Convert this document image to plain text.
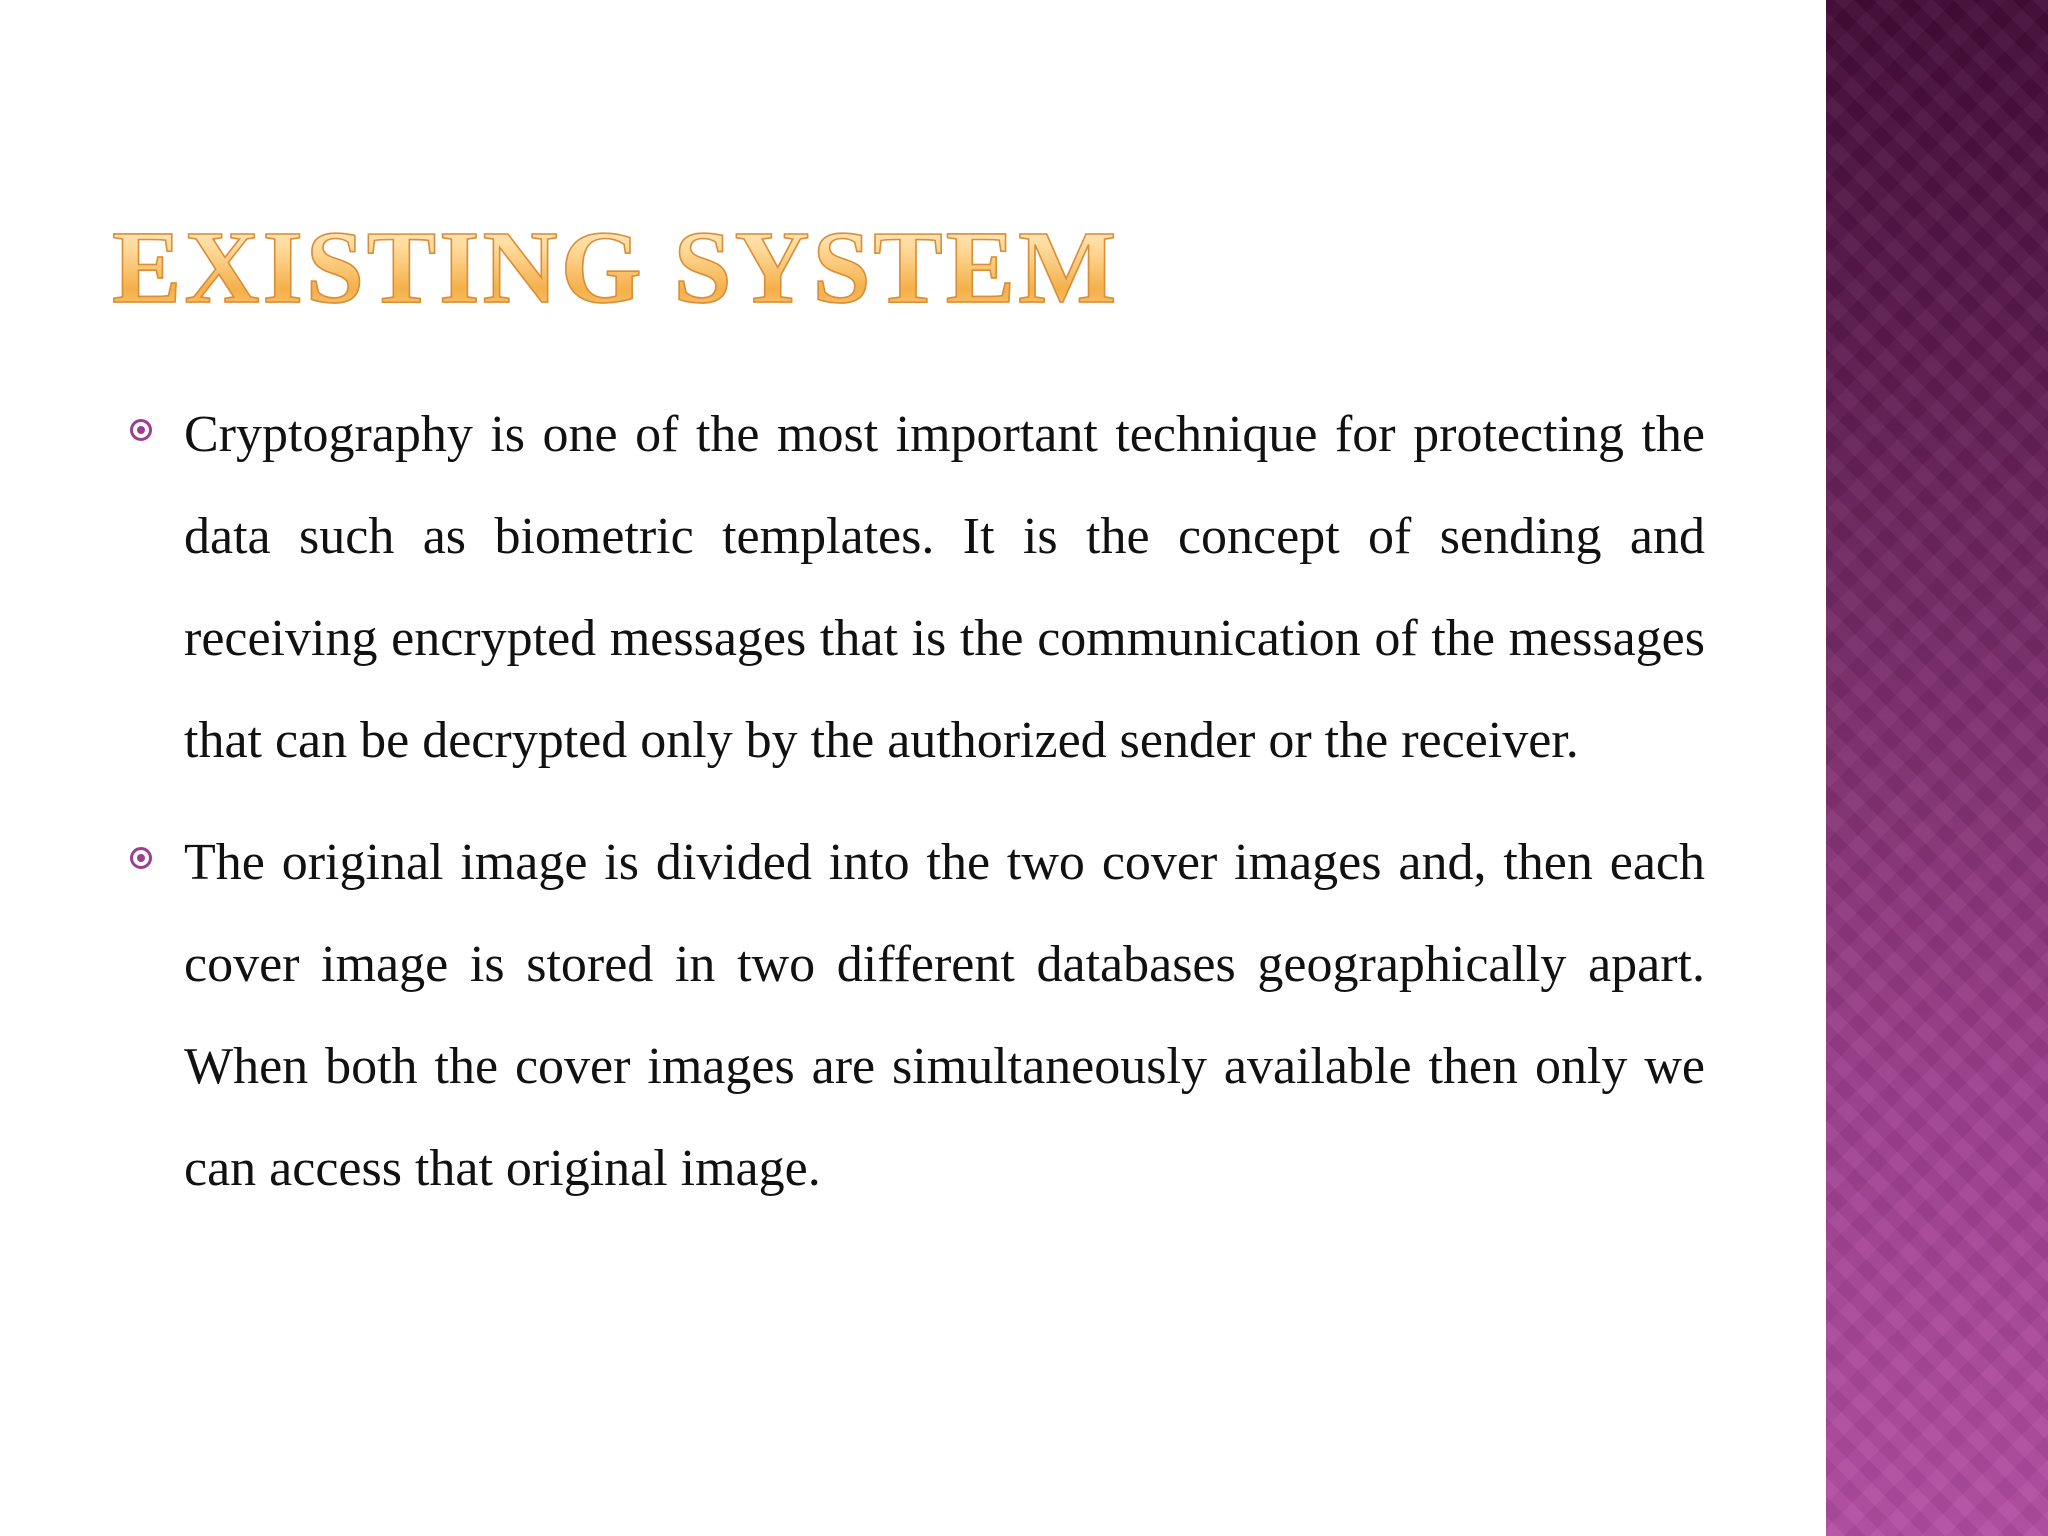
EXISTING SYSTEM
Cryptography is one of the most important technique for protecting the data such as biometric templates. It is the concept of sending and receiving encrypted messages that is the communication of the messages that can be decrypted only by the authorized sender or the receiver.
The original image is divided into the two cover images and, then each cover image is stored in two different databases geographically apart. When both the cover images are simultaneously available then only we can access that original image.
